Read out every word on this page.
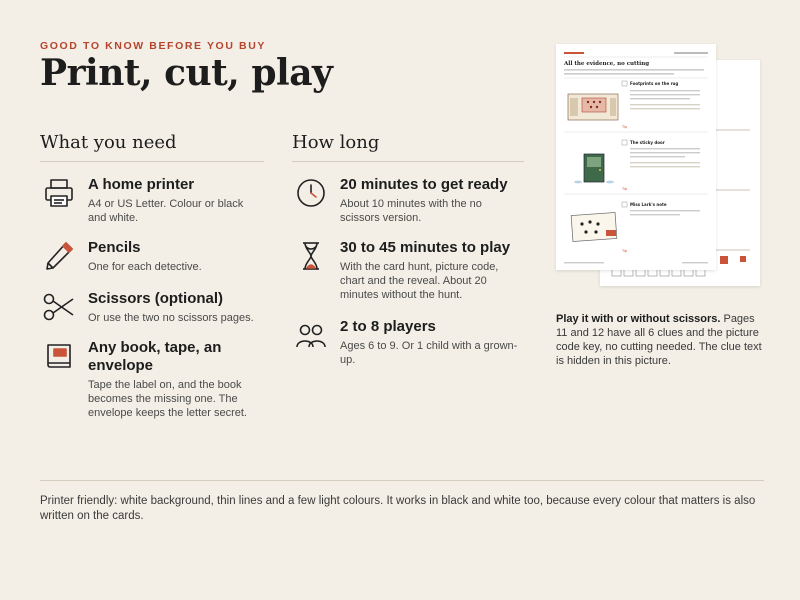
GOOD TO KNOW BEFORE YOU BUY
Print, cut, play
What you need
A home printer

A4 or US Letter. Colour or black and white.

Pencils

One for each detective.

Scissors (optional)

Or use the two no scissors pages.

Any book, tape, an envelope

Tape the label on, and the book becomes the missing one. The envelope keeps the letter secret.

How long
20 minutes to get ready

About 10 minutes with the no scissors version.

30 to 45 minutes to play

With the card hunt, picture code, chart and the reveal. About 20 minutes without the hunt.

2 to 8 players

Ages 6 to 9. Or 1 child with a grown-up.

All the evidence, no cutting
Footprints on the rug
Tip
The sticky door
Tip
Miss Lark's note
Tip

Play it with or without scissors. Pages 11 and 12 have all 6 clues and the picture code key, no cutting needed. The clue text is hidden in this picture.

Printer friendly: white background, thin lines and a few light colours. It works in black and white too, because every colour that matters is also written on the cards.
